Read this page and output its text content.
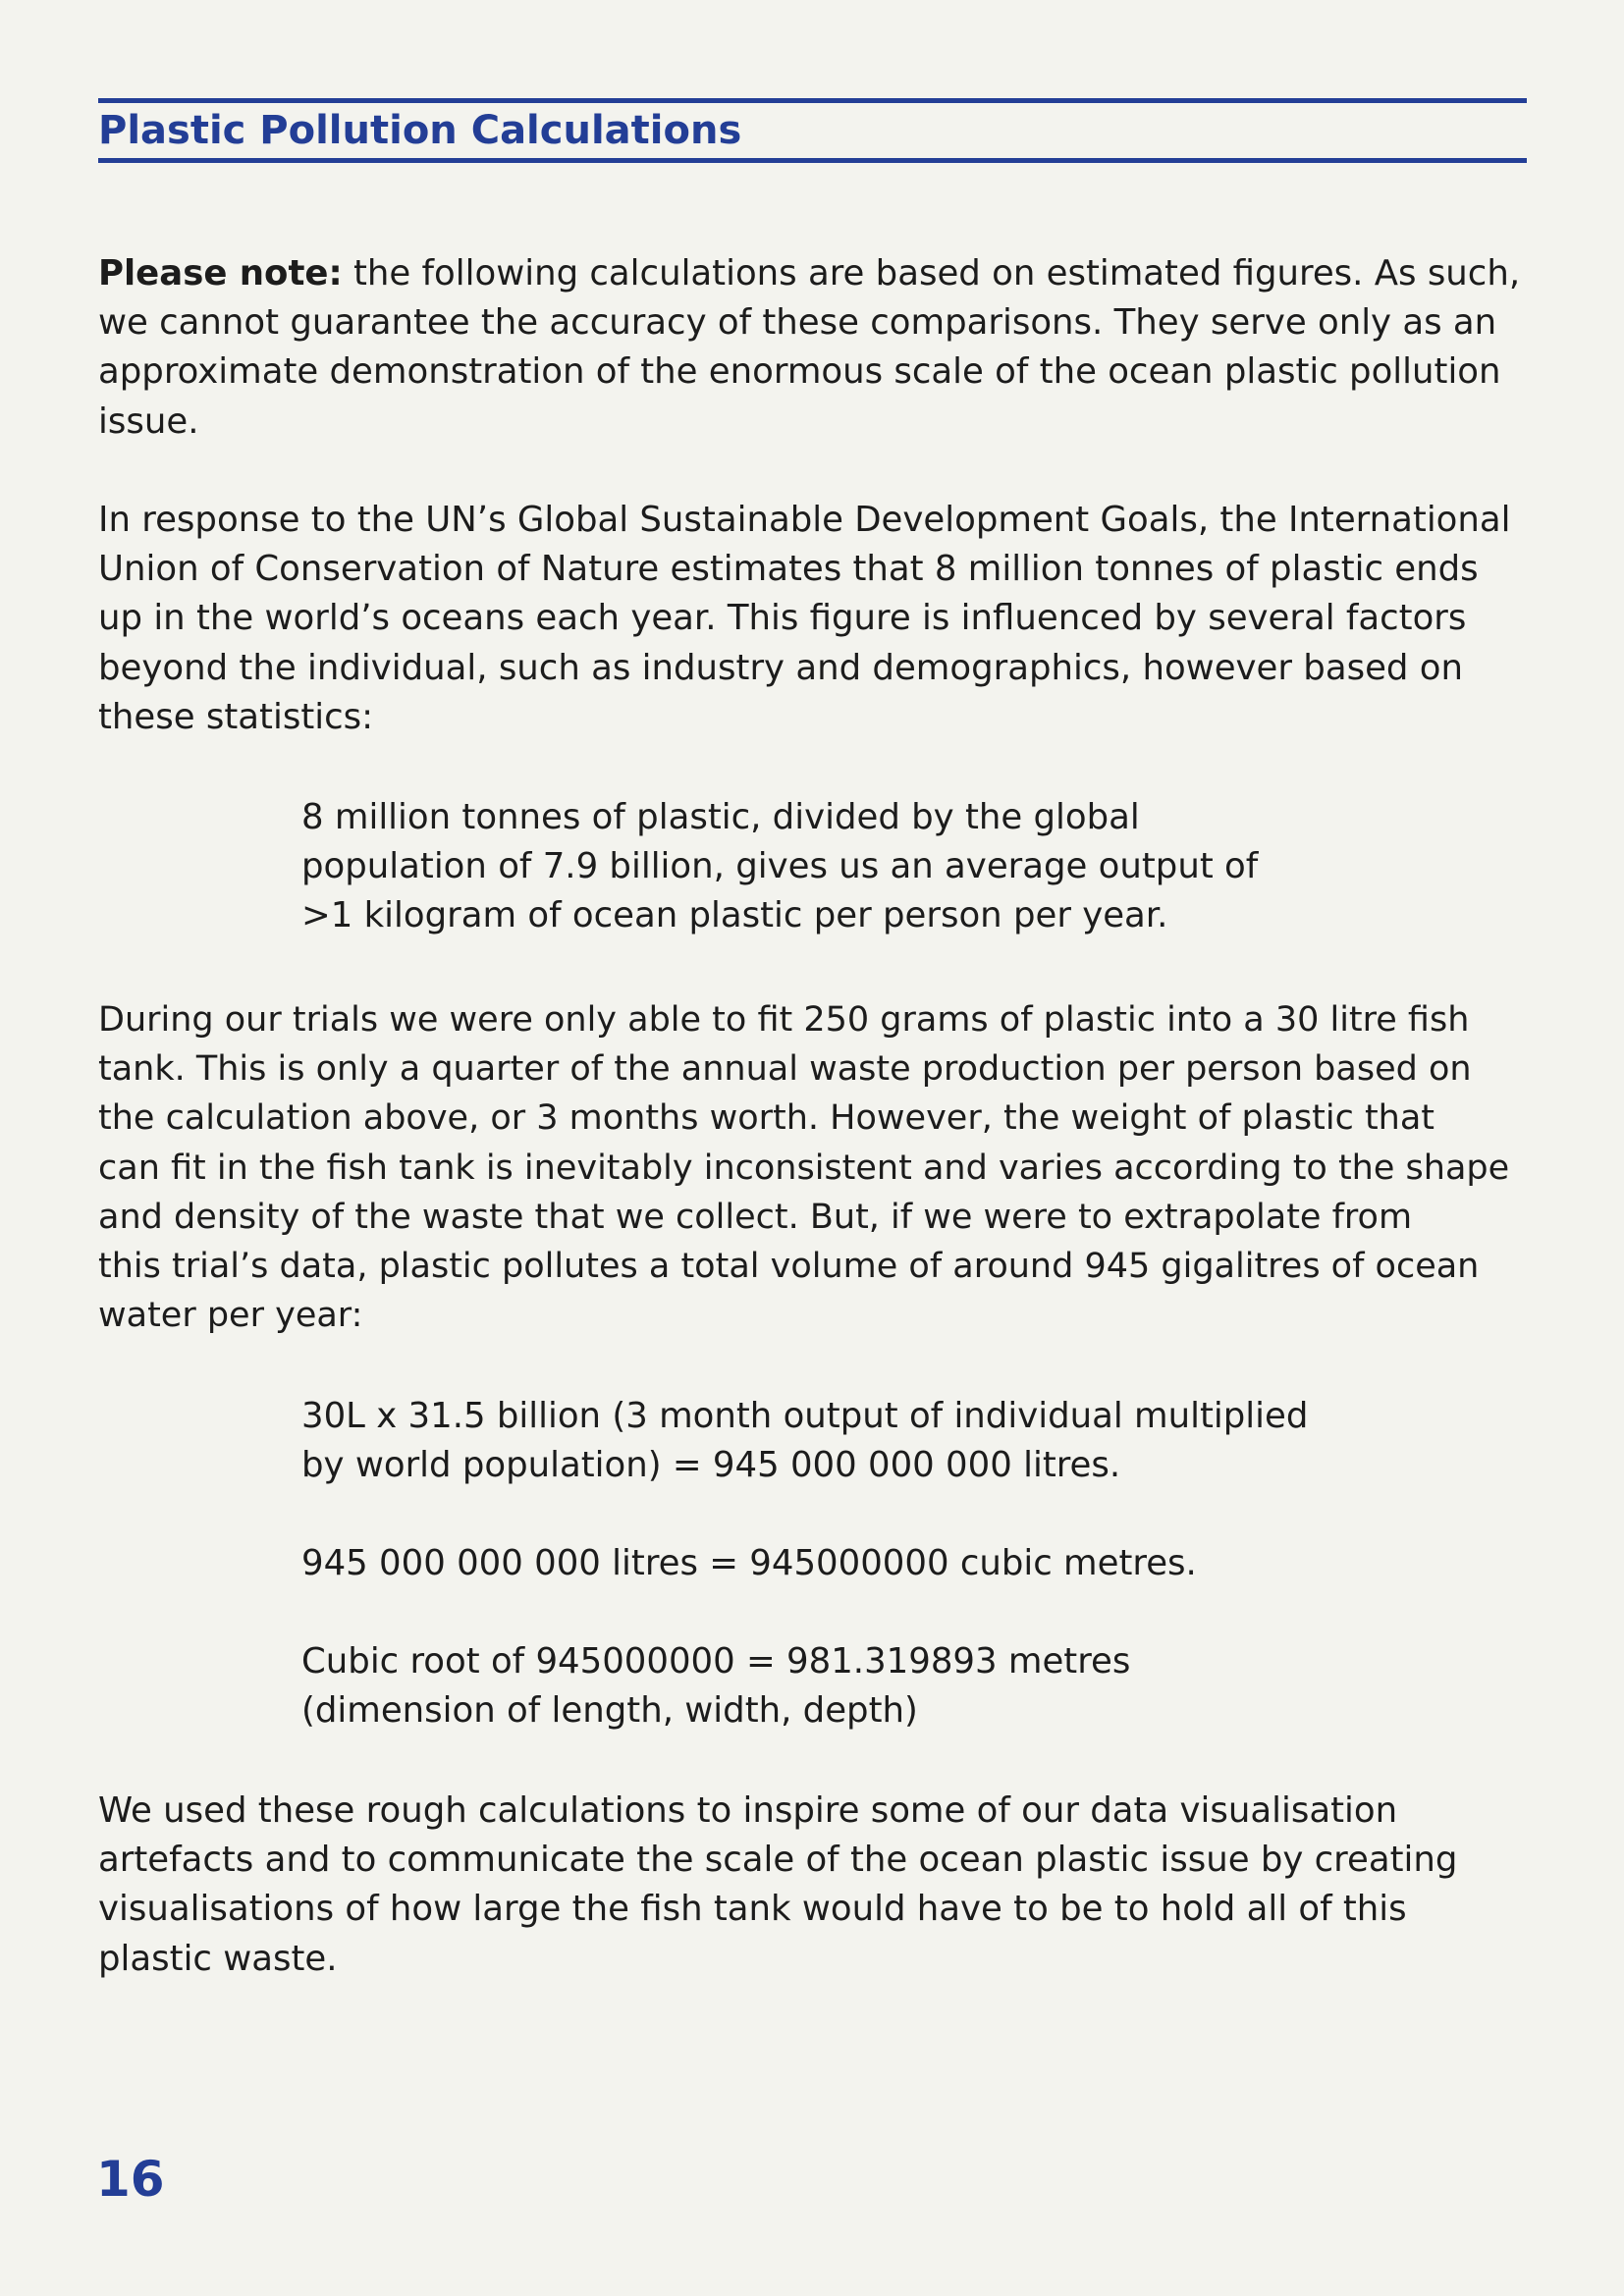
Plastic Pollution Calculations

Please note: the following calculations are based on estimated figures. As such,
we cannot guarantee the accuracy of these comparisons. They serve only as an
approximate demonstration of the enormous scale of the ocean plastic pollution
issue.

In response to the UN’s Global Sustainable Development Goals, the International
Union of Conservation of Nature estimates that 8 million tonnes of plastic ends
up in the world’s oceans each year. This figure is influenced by several factors
beyond the individual, such as industry and demographics, however based on
these statistics:

8 million tonnes of plastic, divided by the global
population of 7.9 billion, gives us an average output of
>1 kilogram of ocean plastic per person per year.

During our trials we were only able to fit 250 grams of plastic into a 30 litre fish
tank. This is only a quarter of the annual waste production per person based on
the calculation above, or 3 months worth. However, the weight of plastic that
can fit in the fish tank is inevitably inconsistent and varies according to the shape
and density of the waste that we collect. But, if we were to extrapolate from
this trial’s data, plastic pollutes a total volume of around 945 gigalitres of ocean
water per year:

30L x 31.5 billion (3 month output of individual multiplied
by world population) = 945 000 000 000 litres.

945 000 000 000 litres = 945000000 cubic metres.

Cubic root of 945000000 = 981.319893 metres
(dimension of length, width, depth)

We used these rough calculations to inspire some of our data visualisation
artefacts and to communicate the scale of the ocean plastic issue by creating
visualisations of how large the fish tank would have to be to hold all of this
plastic waste.

16
